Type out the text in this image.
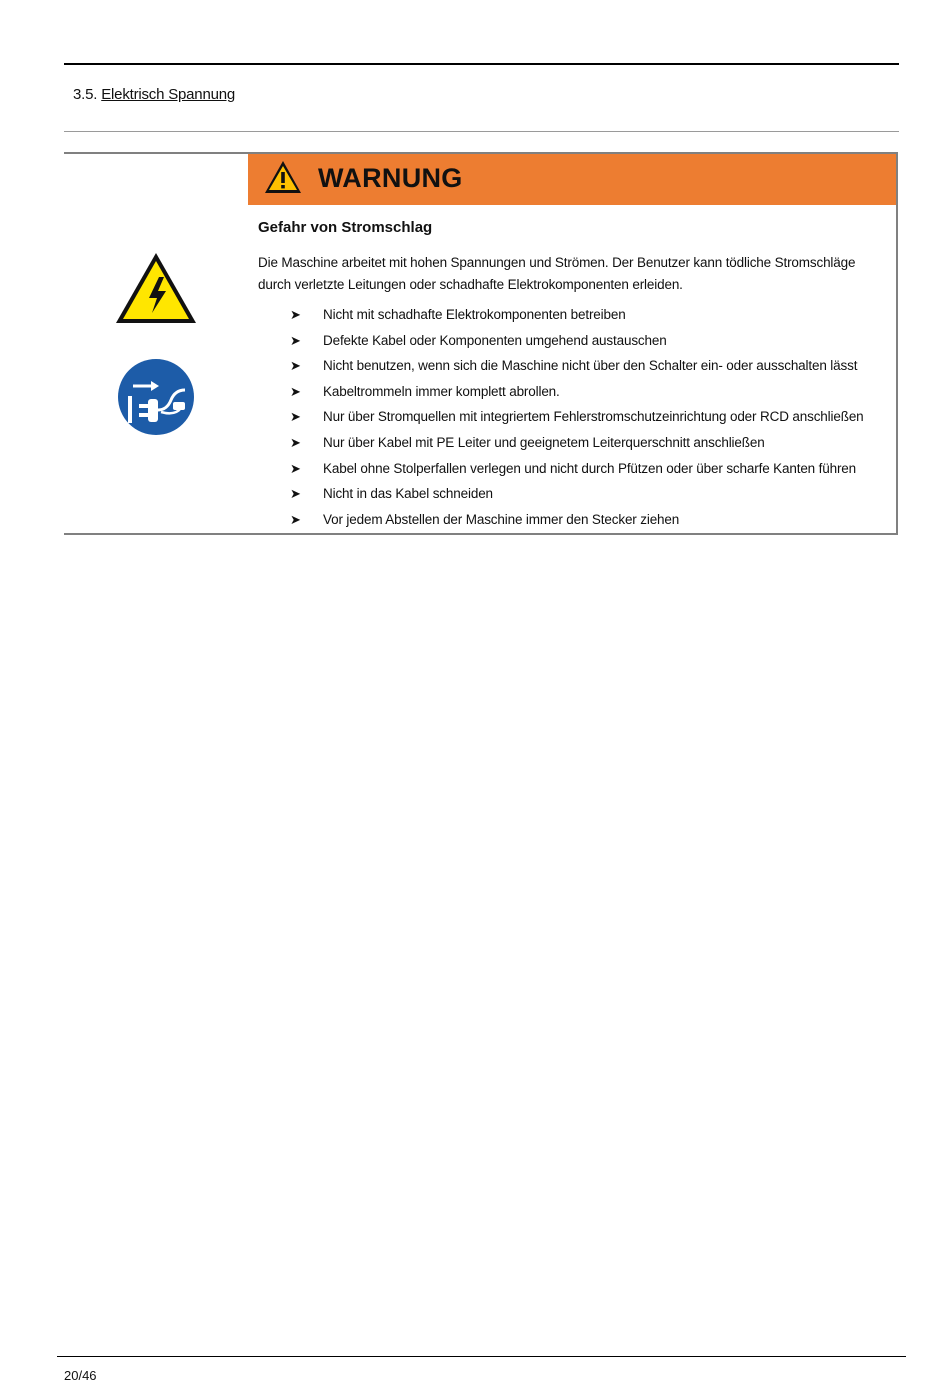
3.5. Elektrisch Spannung
WARNUNG
Gefahr von Stromschlag
Die Maschine arbeitet mit hohen Spannungen und Strömen. Der Benutzer kann tödliche Stromschläge durch verletzte Leitungen oder schadhafte Elektrokomponenten erleiden.
➤ Nicht mit schadhafte Elektrokomponenten betreiben
➤ Defekte Kabel oder Komponenten umgehend austauschen
➤ Nicht benutzen, wenn sich die Maschine nicht über den Schalter ein- oder ausschalten lässt
➤ Kabeltrommeln immer komplett abrollen.
➤ Nur über Stromquellen mit integriertem Fehlerstromschutzeinrichtung oder RCD anschließen
➤ Nur über Kabel mit PE Leiter und geeignetem Leiterquerschnitt anschließen
➤ Kabel ohne Stolperfallen verlegen und nicht durch Pfützen oder über scharfe Kanten führen
➤ Nicht in das Kabel schneiden
➤ Vor jedem Abstellen der Maschine immer den Stecker ziehen
20/46
